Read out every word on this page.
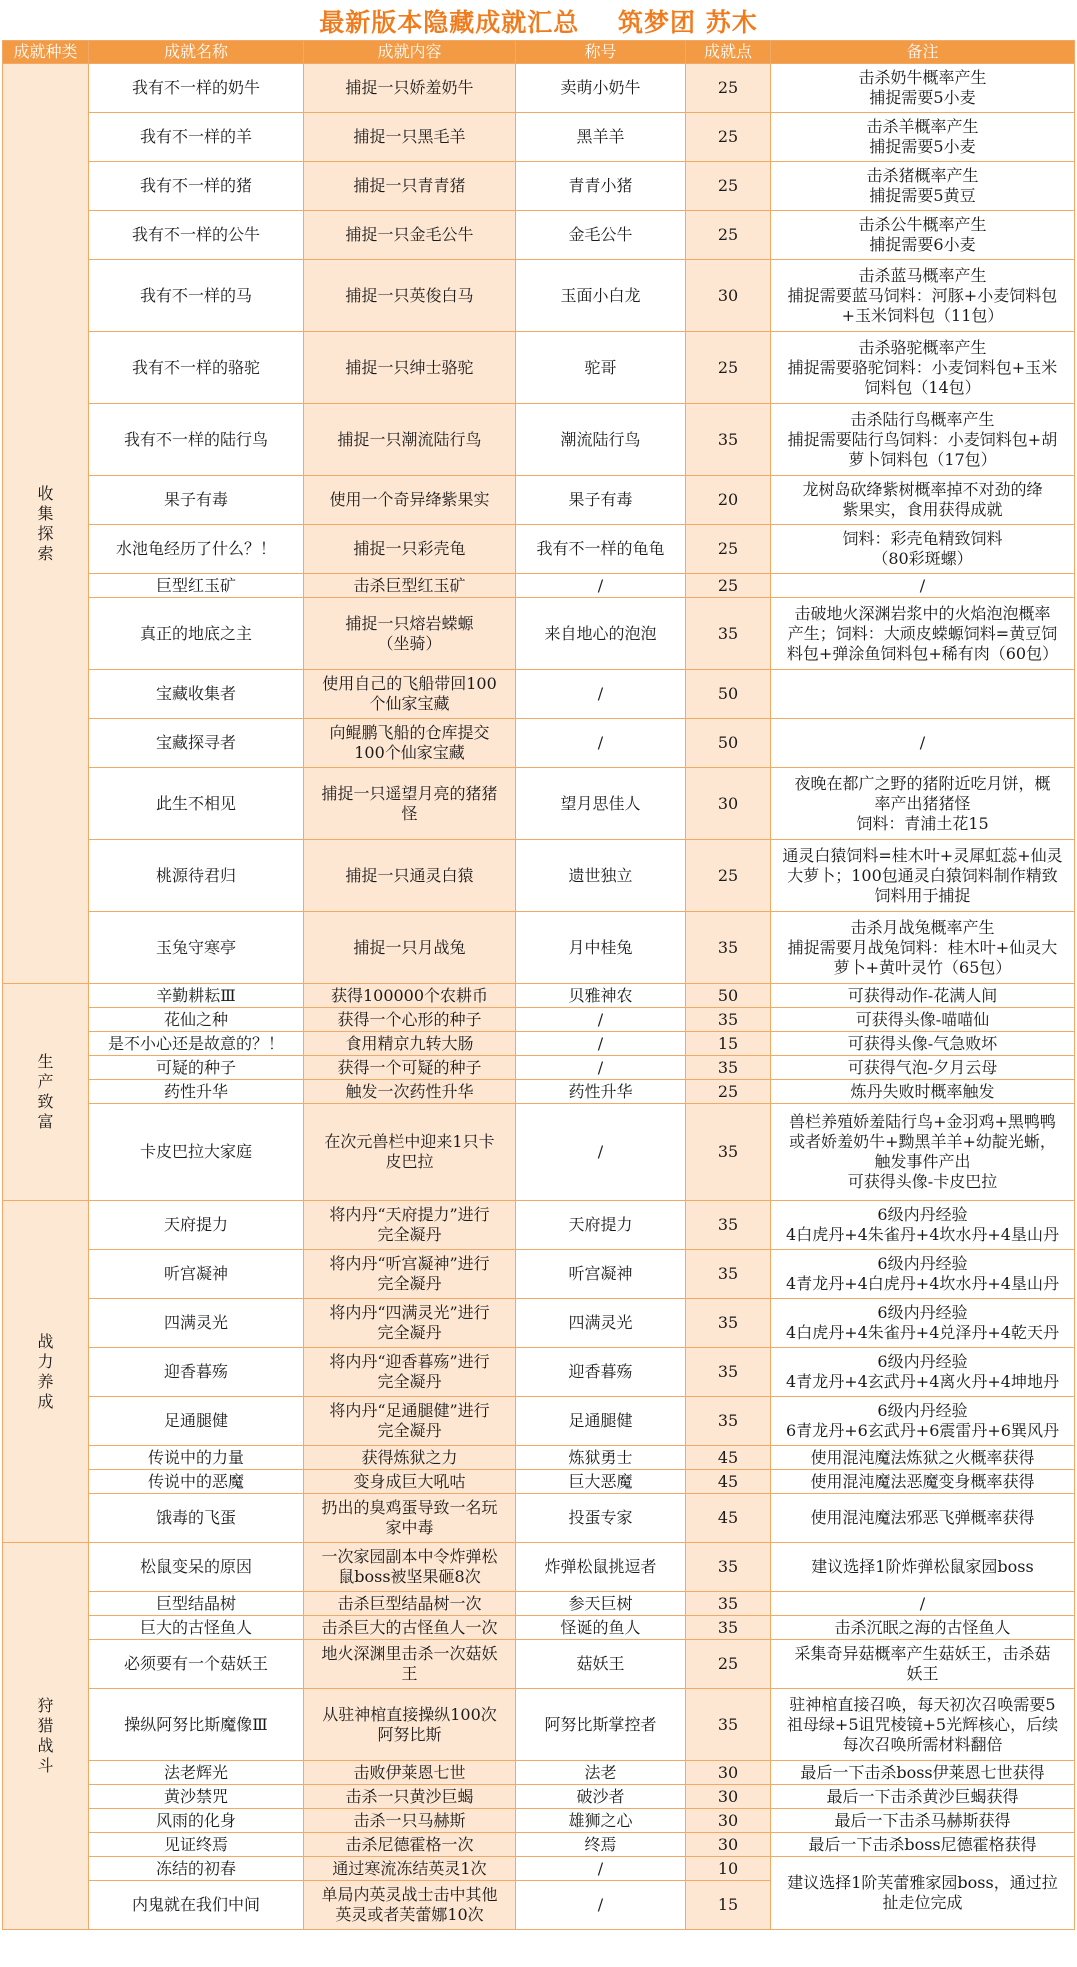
最新版本隐藏成就汇总    筑梦团 苏木
成就种类	成就名称	成就内容	称号	成就点	备注
收集探索	我有不一样的奶牛	捕捉一只娇羞奶牛	卖萌小奶牛	25	击杀奶牛概率产生
捕捉需要5小麦
	我有不一样的羊	捕捉一只黑毛羊	黑羊羊	25	击杀羊概率产生
捕捉需要5小麦
	我有不一样的猪	捕捉一只青青猪	青青小猪	25	击杀猪概率产生
捕捉需要5黄豆
	我有不一样的公牛	捕捉一只金毛公牛	金毛公牛	25	击杀公牛概率产生
捕捉需要6小麦
	我有不一样的马	捕捉一只英俊白马	玉面小白龙	30	击杀蓝马概率产生
捕捉需要蓝马饲料：河豚+小麦饲料包
+玉米饲料包（11包）
	我有不一样的骆驼	捕捉一只绅士骆驼	驼哥	25	击杀骆驼概率产生
捕捉需要骆驼饲料：小麦饲料包+玉米
饲料包（14包）
	我有不一样的陆行鸟	捕捉一只潮流陆行鸟	潮流陆行鸟	35	击杀陆行鸟概率产生
捕捉需要陆行鸟饲料：小麦饲料包+胡
萝卜饲料包（17包）
	果子有毒	使用一个奇异绛紫果实	果子有毒	20	龙树岛砍绛紫树概率掉不对劲的绛
紫果实，食用获得成就
	水池龟经历了什么？！	捕捉一只彩壳龟	我有不一样的龟龟	25	饲料：彩壳龟精致饲料
（80彩斑螺）
	巨型红玉矿	击杀巨型红玉矿	/	25	/
	真正的地底之主	捕捉一只熔岩蝾螈
（坐骑）	来自地心的泡泡	35	击破地火深渊岩浆中的火焰泡泡概率
产生；饲料：大顽皮蝾螈饲料=黄豆饲
料包+弹涂鱼饲料包+稀有肉（60包）
	宝藏收集者	使用自己的飞船带回100
个仙家宝藏	/	50	
	宝藏探寻者	向鲲鹏飞船的仓库提交
100个仙家宝藏	/	50	/
	此生不相见	捕捉一只遥望月亮的猪猪
怪	望月思佳人	30	夜晚在都广之野的猪附近吃月饼，概
率产出猪猪怪
饲料：青浦土花15
	桃源待君归	捕捉一只通灵白猿	遗世独立	25	通灵白猿饲料=桂木叶+灵犀虹蕊+仙灵
大萝卜；100包通灵白猿饲料制作精致
饲料用于捕捉
	玉兔守寒亭	捕捉一只月战兔	月中桂兔	35	击杀月战兔概率产生
捕捉需要月战兔饲料：桂木叶+仙灵大
萝卜+黄叶灵竹（65包）
生产致富	辛勤耕耘Ⅲ	获得100000个农耕币	贝雅神农	50	可获得动作-花满人间
	花仙之种	获得一个心形的种子	/	35	可获得头像-喵喵仙
	是不小心还是故意的？！	食用精京九转大肠	/	15	可获得头像-气急败坏
	可疑的种子	获得一个可疑的种子	/	35	可获得气泡-夕月云母
	药性升华	触发一次药性升华	药性升华	25	炼丹失败时概率触发
	卡皮巴拉大家庭	在次元兽栏中迎来1只卡
皮巴拉	/	35	兽栏养殖娇羞陆行鸟+金羽鸡+黑鸭鸭
或者娇羞奶牛+黝黑羊羊+幼靛光蜥，
触发事件产出
可获得头像-卡皮巴拉
战力养成	天府提力	将内丹“天府提力”进行
完全凝丹	天府提力	35	6级内丹经验
4白虎丹+4朱雀丹+4坎水丹+4垦山丹
	听宫凝神	将内丹“听宫凝神”进行
完全凝丹	听宫凝神	35	6级内丹经验
4青龙丹+4白虎丹+4坎水丹+4垦山丹
	四满灵光	将内丹“四满灵光”进行
完全凝丹	四满灵光	35	6级内丹经验
4白虎丹+4朱雀丹+4兑泽丹+4乾天丹
	迎香暮殇	将内丹“迎香暮殇”进行
完全凝丹	迎香暮殇	35	6级内丹经验
4青龙丹+4玄武丹+4离火丹+4坤地丹
	足通腿健	将内丹“足通腿健”进行
完全凝丹	足通腿健	35	6级内丹经验
6青龙丹+6玄武丹+6震雷丹+6巽风丹
	传说中的力量	获得炼狱之力	炼狱勇士	45	使用混沌魔法炼狱之火概率获得
	传说中的恶魔	变身成巨大吼咕	巨大恶魔	45	使用混沌魔法恶魔变身概率获得
	饿毒的飞蛋	扔出的臭鸡蛋导致一名玩
家中毒	投蛋专家	45	使用混沌魔法邪恶飞弹概率获得
狩猎战斗	松鼠变呆的原因	一次家园副本中令炸弹松
鼠boss被坚果砸8次	炸弹松鼠挑逗者	35	建议选择1阶炸弹松鼠家园boss
	巨型结晶树	击杀巨型结晶树一次	参天巨树	35	/
	巨大的古怪鱼人	击杀巨大的古怪鱼人一次	怪诞的鱼人	35	击杀沉眠之海的古怪鱼人
	必须要有一个菇妖王	地火深渊里击杀一次菇妖
王	菇妖王	25	采集奇异菇概率产生菇妖王，击杀菇
妖王
	操纵阿努比斯魔像Ⅲ	从驻神棺直接操纵100次
阿努比斯	阿努比斯掌控者	35	驻神棺直接召唤，每天初次召唤需要5
祖母绿+5诅咒棱镜+5光辉核心，后续
每次召唤所需材料翻倍
	法老辉光	击败伊莱恩七世	法老	30	最后一下击杀boss伊莱恩七世获得
	黄沙禁咒	击杀一只黄沙巨蝎	破沙者	30	最后一下击杀黄沙巨蝎获得
	风雨的化身	击杀一只马赫斯	雄狮之心	30	最后一下击杀马赫斯获得
	见证终焉	击杀尼德霍格一次	终焉	30	最后一下击杀boss尼德霍格获得
	冻结的初春	通过寒流冻结英灵1次	/	10	建议选择1阶芙蕾雅家园boss，通过拉
扯走位完成
	内鬼就在我们中间	单局内英灵战士击中其他
英灵或者芙蕾娜10次	/	15	
